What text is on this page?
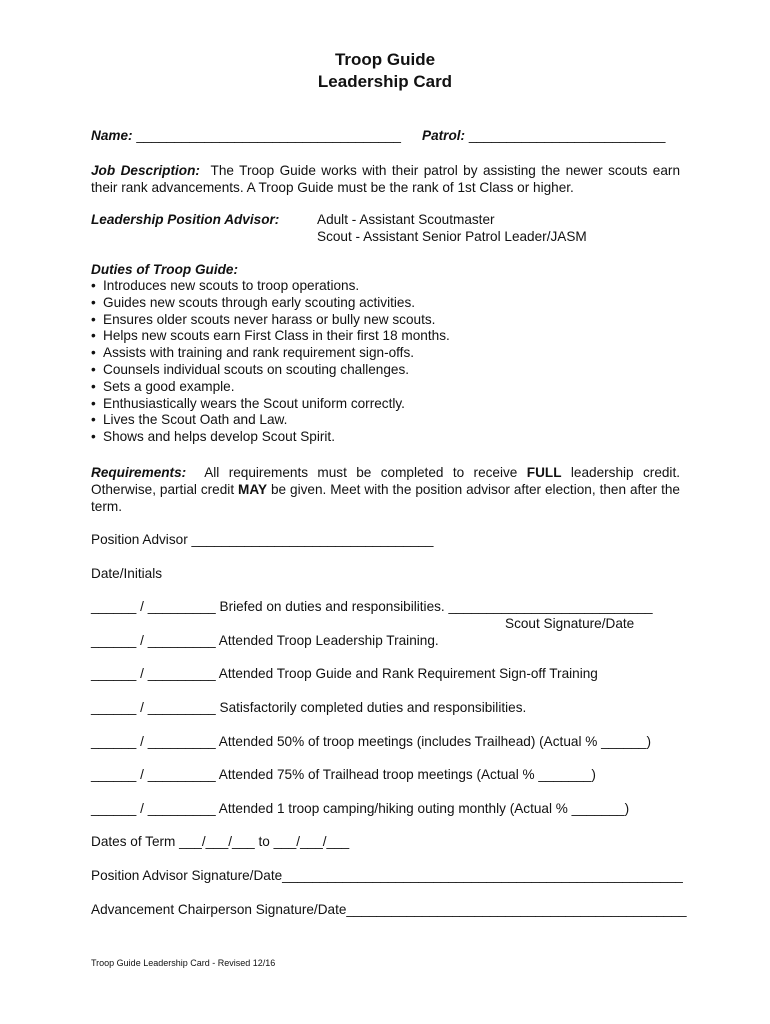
Troop Guide
Leadership Card
Name: ___________________________________ Patrol: __________________________
Job Description: The Troop Guide works with their patrol by assisting the newer scouts earn their rank advancements. A Troop Guide must be the rank of 1st Class or higher.
Leadership Position Advisor:	Adult - Assistant Scoutmaster
Scout - Assistant Senior Patrol Leader/JASM
Duties of Troop Guide:
• Introduces new scouts to troop operations.
• Guides new scouts through early scouting activities.
• Ensures older scouts never harass or bully new scouts.
• Helps new scouts earn First Class in their first 18 months.
• Assists with training and rank requirement sign-offs.
• Counsels individual scouts on scouting challenges.
• Sets a good example.
• Enthusiastically wears the Scout uniform correctly.
• Lives the Scout Oath and Law.
• Shows and helps develop Scout Spirit.
Requirements: All requirements must be completed to receive FULL leadership credit. Otherwise, partial credit MAY be given. Meet with the position advisor after election, then after the term.
Position Advisor ________________________________
Date/Initials
______ / _________ Briefed on duties and responsibilities. ___________________________
Scout Signature/Date
______ / _________ Attended Troop Leadership Training.
______ / _________ Attended Troop Guide and Rank Requirement Sign-off Training
______ / _________ Satisfactorily completed duties and responsibilities.
______ / _________ Attended 50% of troop meetings (includes Trailhead) (Actual % ______)
______ / _________ Attended 75% of Trailhead troop meetings (Actual % _______)
______ / _________ Attended 1 troop camping/hiking outing monthly (Actual % _______)
Dates of Term ___/___/___ to ___/___/___
Position Advisor Signature/Date_____________________________________________________
Advancement Chairperson Signature/Date_____________________________________________
Troop Guide Leadership Card - Revised 12/16
